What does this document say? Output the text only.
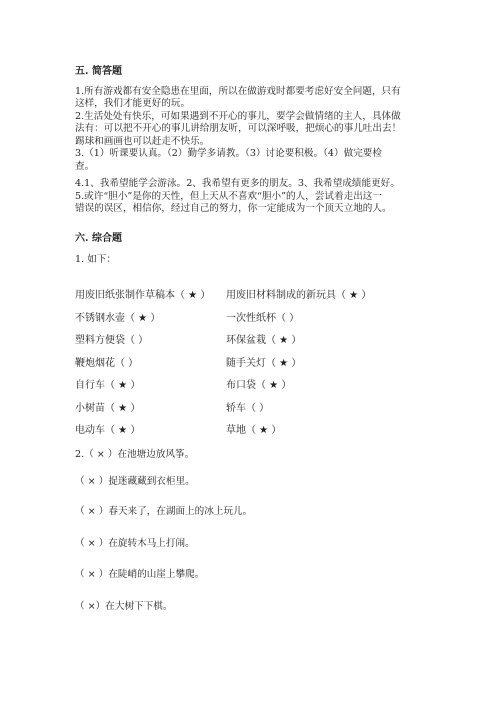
五. 简答题
1.所有游戏都有安全隐患在里面，所以在做游戏时都要考虑好安全问题，只有
这样，我们才能更好的玩。
2.生活处处有快乐，可如果遇到不开心的事儿，要学会做情绪的主人，具体做
法有：可以把不开心的事儿讲给朋友听，可以深呼吸，把烦心的事儿吐出去！
踢球和画画也可以赶走不快乐。
3.（1）听课要认真。（2）勤学多请教。（3）讨论要积极。（4）做完要检
查。
4.1、我希望能学会游泳。2、我希望有更多的朋友。3、我希望成绩能更好。
5.或许“胆小”是你的天性，但上天从不喜欢“胆小”的人，尝试着走出这一
错误的误区，相信你，经过自己的努力，你一定能成为一个顶天立地的人。
六. 综合题
1. 如下：
用废旧纸张制作草稿本（ ★ ） 用废旧材料制成的新玩具（ ★ ）
不锈钢水壶（ ★ ）	一次性纸杯（ ）
塑料方便袋（ ）	环保盆栽（ ★ ）
鞭炮烟花（ ）	随手关灯（ ★ ）
自行车（ ★ ）	布口袋（ ★ ）
小树苗（ ★ ）	轿车（ ）
电动车（ ★ ）	草地（ ★ ）
2.（ × ）在池塘边放风筝。
（ × ）捉迷藏藏到衣柜里。
（ × ）春天来了，在湖面上的冰上玩儿。
（ × ）在旋转木马上打闹。
（ × ）在陡峭的山崖上攀爬。
（ ×）在大树下下棋。
